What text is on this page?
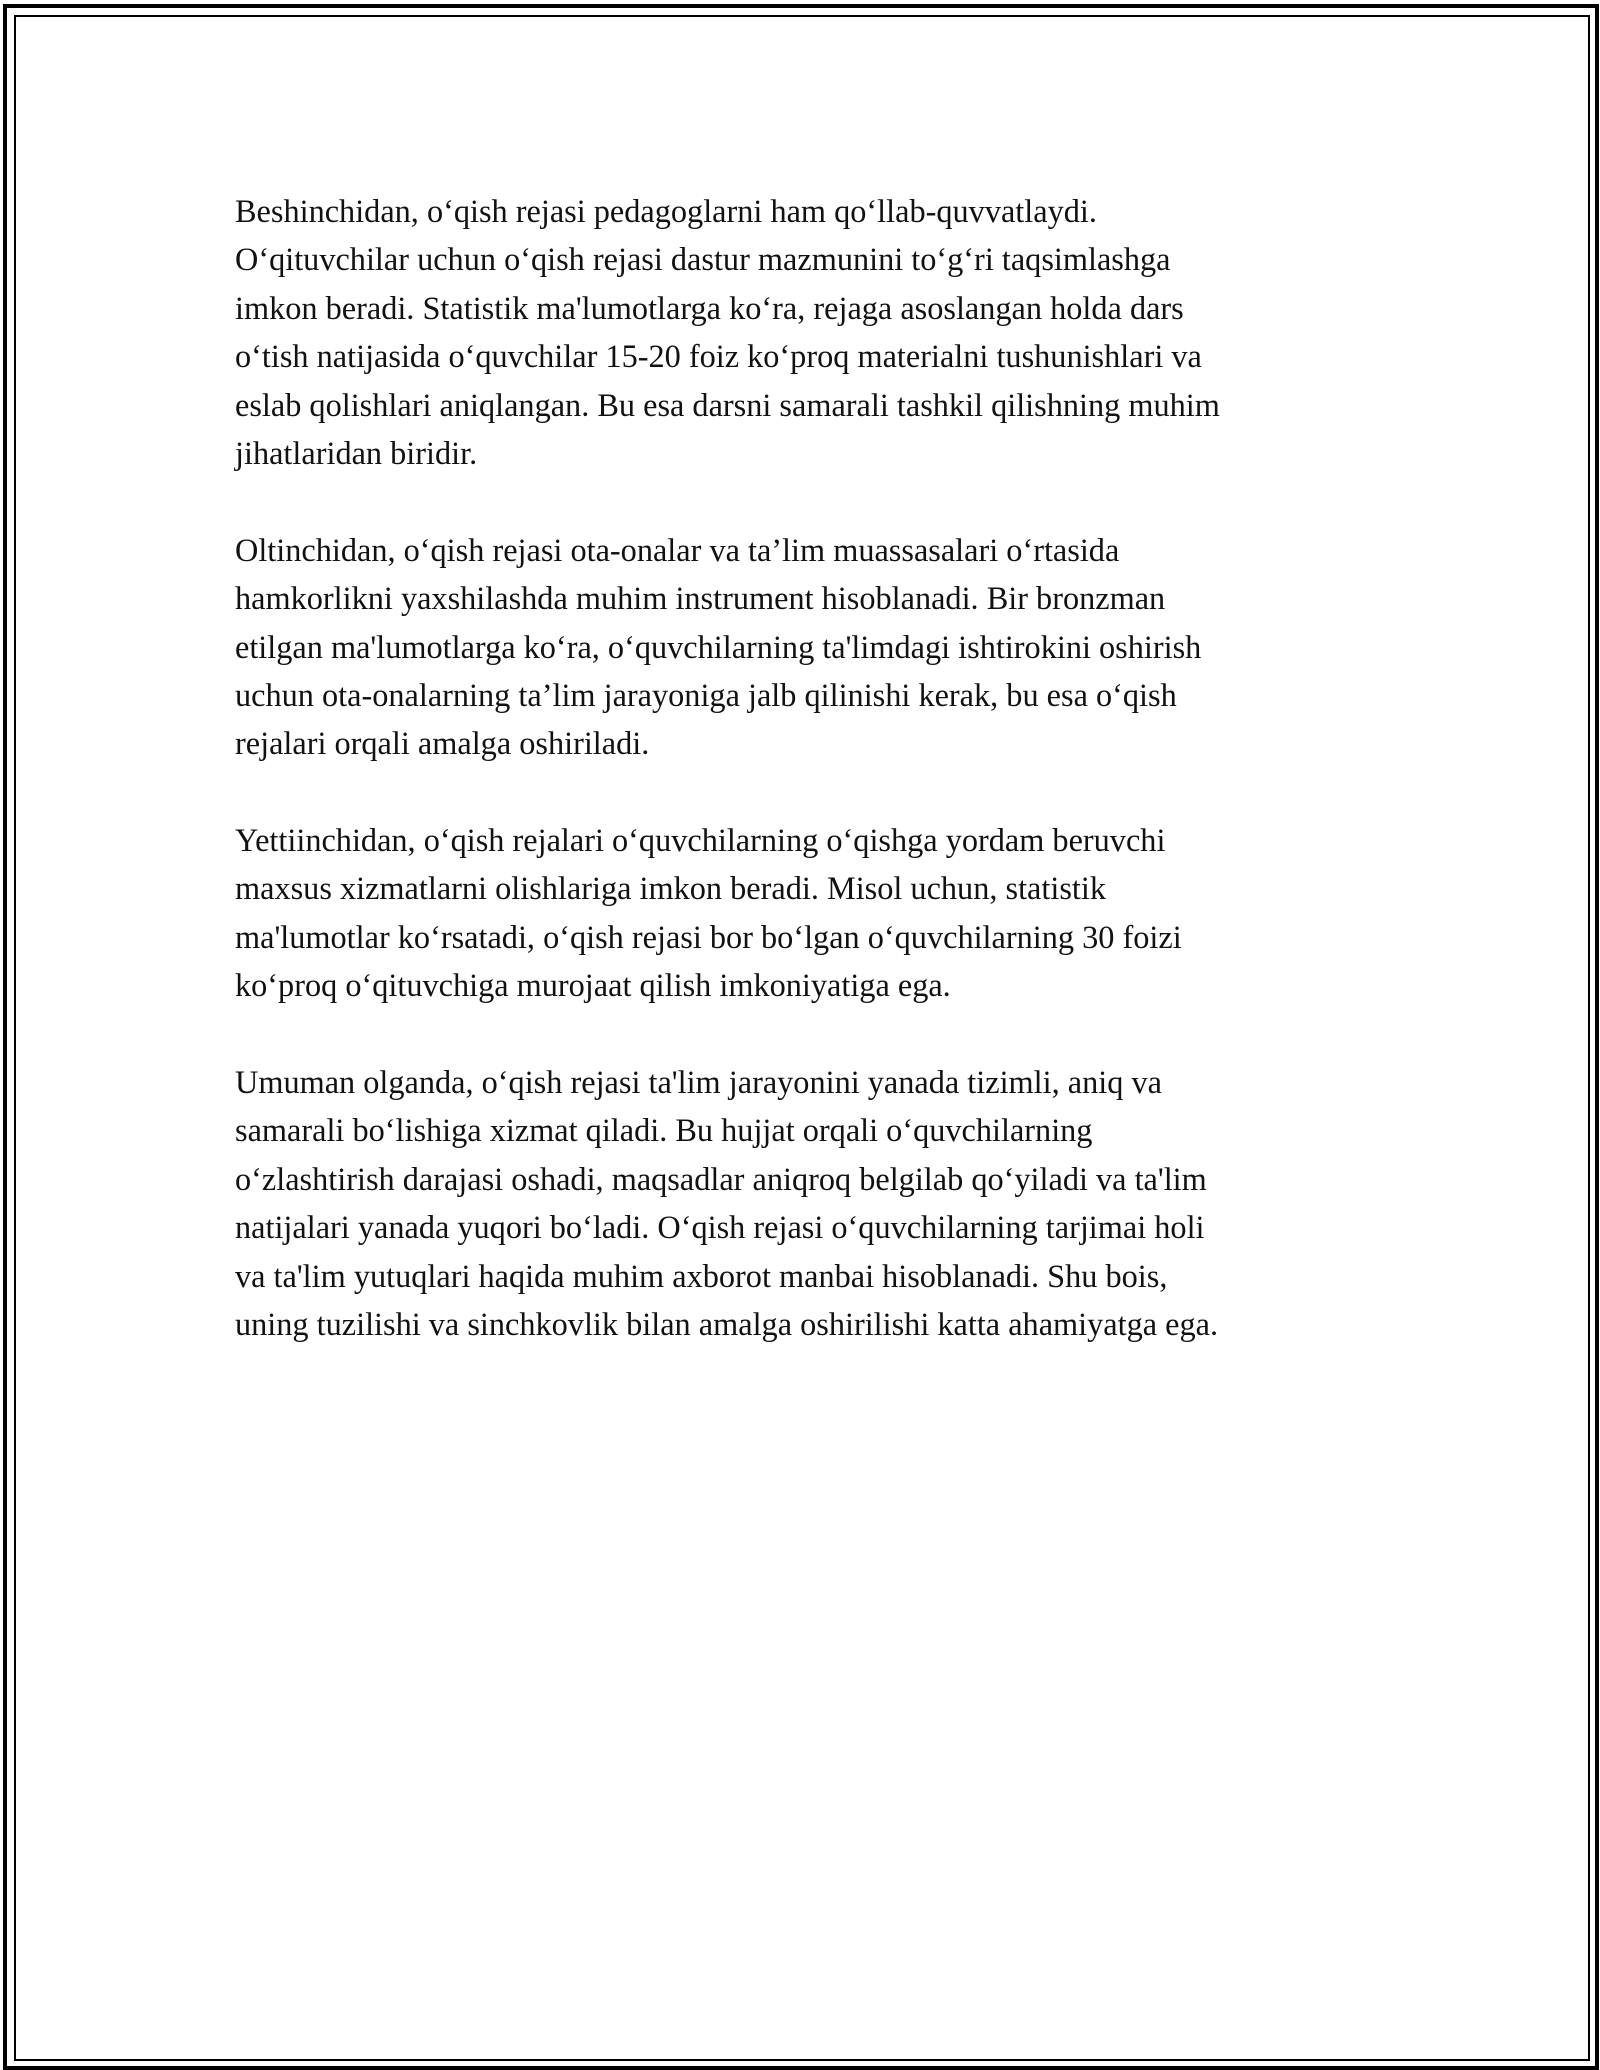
Beshinchidan, o‘qish rejasi pedagoglarni ham qo‘llab-quvvatlaydi.
O‘qituvchilar uchun o‘qish rejasi dastur mazmunini to‘g‘ri taqsimlashga
imkon beradi. Statistik ma'lumotlarga ko‘ra, rejaga asoslangan holda dars
o‘tish natijasida o‘quvchilar 15-20 foiz ko‘proq materialni tushunishlari va
eslab qolishlari aniqlangan. Bu esa darsni samarali tashkil qilishning muhim
jihatlaridan biridir.

Oltinchidan, o‘qish rejasi ota-onalar va ta’lim muassasalari o‘rtasida
hamkorlikni yaxshilashda muhim instrument hisoblanadi. Bir bronzman
etilgan ma'lumotlarga ko‘ra, o‘quvchilarning ta'limdagi ishtirokini oshirish
uchun ota-onalarning ta’lim jarayoniga jalb qilinishi kerak, bu esa o‘qish
rejalari orqali amalga oshiriladi.

Yettiinchidan, o‘qish rejalari o‘quvchilarning o‘qishga yordam beruvchi
maxsus xizmatlarni olishlariga imkon beradi. Misol uchun, statistik
ma'lumotlar ko‘rsatadi, o‘qish rejasi bor bo‘lgan o‘quvchilarning 30 foizi
ko‘proq o‘qituvchiga murojaat qilish imkoniyatiga ega.

Umuman olganda, o‘qish rejasi ta'lim jarayonini yanada tizimli, aniq va
samarali bo‘lishiga xizmat qiladi. Bu hujjat orqali o‘quvchilarning
o‘zlashtirish darajasi oshadi, maqsadlar aniqroq belgilab qo‘yiladi va ta'lim
natijalari yanada yuqori bo‘ladi. O‘qish rejasi o‘quvchilarning tarjimai holi
va ta'lim yutuqlari haqida muhim axborot manbai hisoblanadi. Shu bois,
uning tuzilishi va sinchkovlik bilan amalga oshirilishi katta ahamiyatga ega.
